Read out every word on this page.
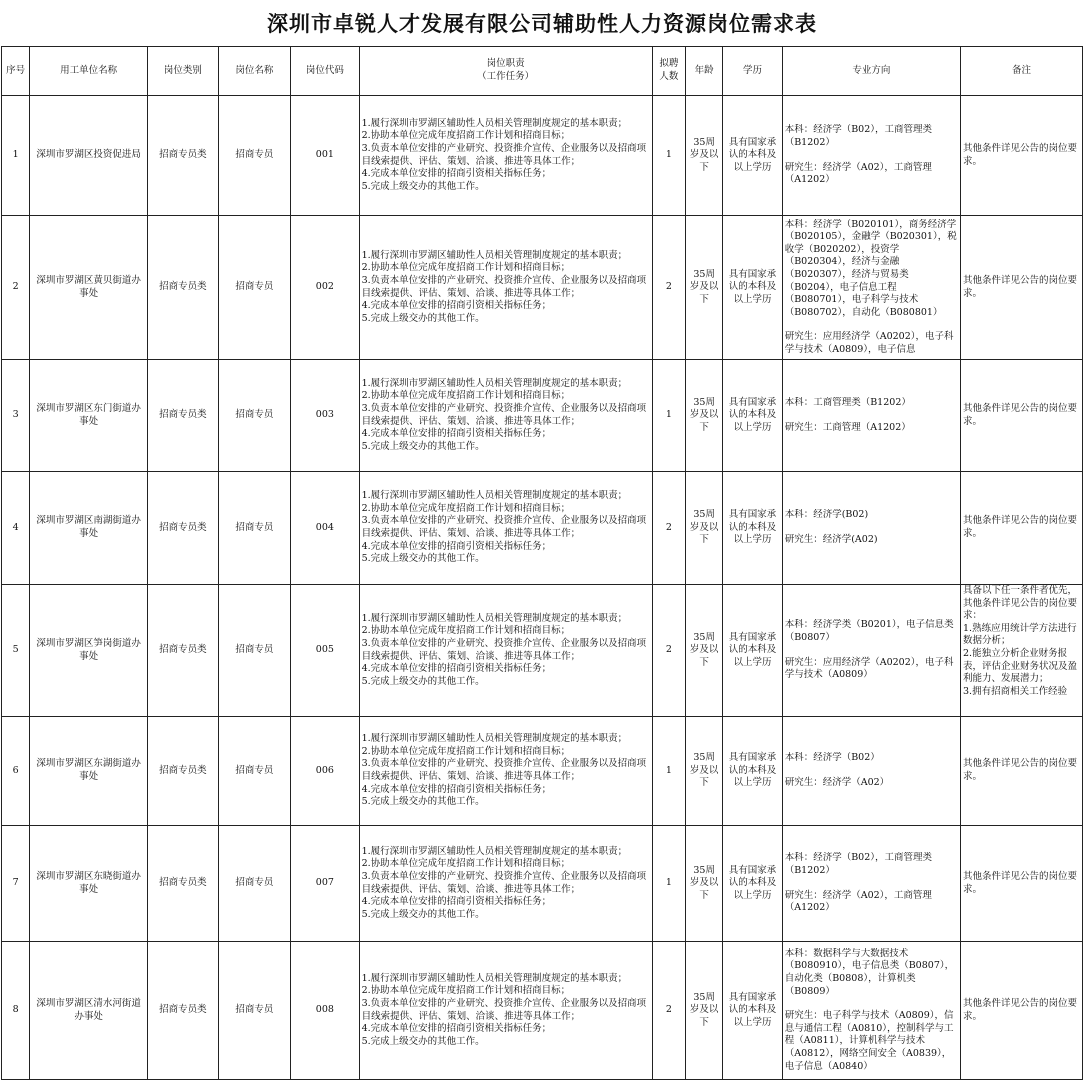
深圳市卓锐人才发展有限公司辅助性人力资源岗位需求表
序号	用工单位名称	岗位类别	岗位名称	岗位代码	岗位职责
（工作任务）	拟聘
人数	年龄	学历	专业方向	备注
1	深圳市罗湖区投资促进局	招商专员类	招商专员	001	1.履行深圳市罗湖区辅助性人员相关管理制度规定的基本职责；
2.协助本单位完成年度招商工作计划和招商目标；
3.负责本单位安排的产业研究、投资推介宣传、企业服务以及招商项目线索提供、评估、策划、洽谈、推进等具体工作；
4.完成本单位安排的招商引资相关指标任务；
5.完成上级交办的其他工作。	1	35周岁及以下	具有国家承认的本科及以上学历	本科：经济学（B02），工商管理类（B1202）
研究生：经济学（A02），工商管理（A1202）	其他条件详见公告的岗位要求。

2	深圳市罗湖区黄贝街道办事处	招商专员类	招商专员	002	1.履行深圳市罗湖区辅助性人员相关管理制度规定的基本职责；
2.协助本单位完成年度招商工作计划和招商目标；
3.负责本单位安排的产业研究、投资推介宣传、企业服务以及招商项目线索提供、评估、策划、洽谈、推进等具体工作；
4.完成本单位安排的招商引资相关指标任务；
5.完成上级交办的其他工作。	2	35周岁及以下	具有国家承认的本科及以上学历	本科：经济学（B020101），商务经济学（B020105），金融学（B020301），税收学（B020202），投资学（B020304），经济与金融（B020307），经济与贸易类（B0204），电子信息工程（B080701），电子科学与技术（B080702），自动化（B080801）
研究生：应用经济学（A0202），电子科学与技术（A0809），电子信息	其他条件详见公告的岗位要求。

3	深圳市罗湖区东门街道办事处	招商专员类	招商专员	003	1.履行深圳市罗湖区辅助性人员相关管理制度规定的基本职责；
2.协助本单位完成年度招商工作计划和招商目标；
3.负责本单位安排的产业研究、投资推介宣传、企业服务以及招商项目线索提供、评估、策划、洽谈、推进等具体工作；
4.完成本单位安排的招商引资相关指标任务；
5.完成上级交办的其他工作。	1	35周岁及以下	具有国家承认的本科及以上学历	本科：工商管理类（B1202）
研究生：工商管理（A1202）	其他条件详见公告的岗位要求。

4	深圳市罗湖区南湖街道办事处	招商专员类	招商专员	004	1.履行深圳市罗湖区辅助性人员相关管理制度规定的基本职责；
2.协助本单位完成年度招商工作计划和招商目标；
3.负责本单位安排的产业研究、投资推介宣传、企业服务以及招商项目线索提供、评估、策划、洽谈、推进等具体工作；
4.完成本单位安排的招商引资相关指标任务；
5.完成上级交办的其他工作。	2	35周岁及以下	具有国家承认的本科及以上学历	本科：经济学(B02)
研究生：经济学(A02)	其他条件详见公告的岗位要求。

5	深圳市罗湖区笋岗街道办事处	招商专员类	招商专员	005	1.履行深圳市罗湖区辅助性人员相关管理制度规定的基本职责；
2.协助本单位完成年度招商工作计划和招商目标；
3.负责本单位安排的产业研究、投资推介宣传、企业服务以及招商项目线索提供、评估、策划、洽谈、推进等具体工作；
4.完成本单位安排的招商引资相关指标任务；
5.完成上级交办的其他工作。	2	35周岁及以下	具有国家承认的本科及以上学历	本科：经济学类（B0201），电子信息类（B0807）
研究生：应用经济学（A0202），电子科学与技术（A0809）	具备以下任一条件者优先，其他条件详见公告的岗位要求：
1.熟练应用统计学方法进行数据分析；
2.能独立分析企业财务报表，评估企业财务状况及盈利能力、发展潜力；
3.拥有招商相关工作经验

6	深圳市罗湖区东湖街道办事处	招商专员类	招商专员	006	1.履行深圳市罗湖区辅助性人员相关管理制度规定的基本职责；
2.协助本单位完成年度招商工作计划和招商目标；
3.负责本单位安排的产业研究、投资推介宣传、企业服务以及招商项目线索提供、评估、策划、洽谈、推进等具体工作；
4.完成本单位安排的招商引资相关指标任务；
5.完成上级交办的其他工作。	1	35周岁及以下	具有国家承认的本科及以上学历	本科：经济学（B02）
研究生：经济学（A02）	其他条件详见公告的岗位要求。

7	深圳市罗湖区东晓街道办事处	招商专员类	招商专员	007	1.履行深圳市罗湖区辅助性人员相关管理制度规定的基本职责；
2.协助本单位完成年度招商工作计划和招商目标；
3.负责本单位安排的产业研究、投资推介宣传、企业服务以及招商项目线索提供、评估、策划、洽谈、推进等具体工作；
4.完成本单位安排的招商引资相关指标任务；
5.完成上级交办的其他工作。	1	35周岁及以下	具有国家承认的本科及以上学历	本科：经济学（B02），工商管理类（B1202）
研究生：经济学（A02），工商管理（A1202）	其他条件详见公告的岗位要求。

8	深圳市罗湖区清水河街道办事处	招商专员类	招商专员	008	1.履行深圳市罗湖区辅助性人员相关管理制度规定的基本职责；
2.协助本单位完成年度招商工作计划和招商目标；
3.负责本单位安排的产业研究、投资推介宣传、企业服务以及招商项目线索提供、评估、策划、洽谈、推进等具体工作；
4.完成本单位安排的招商引资相关指标任务；
5.完成上级交办的其他工作。	2	35周岁及以下	具有国家承认的本科及以上学历	本科：数据科学与大数据技术（B080910），电子信息类（B0807），自动化类（B0808），计算机类（B0809）
研究生：电子科学与技术（A0809），信息与通信工程（A0810），控制科学与工程（A0811），计算机科学与技术（A0812），网络空间安全（A0839），电子信息（A0840）	其他条件详见公告的岗位要求。
